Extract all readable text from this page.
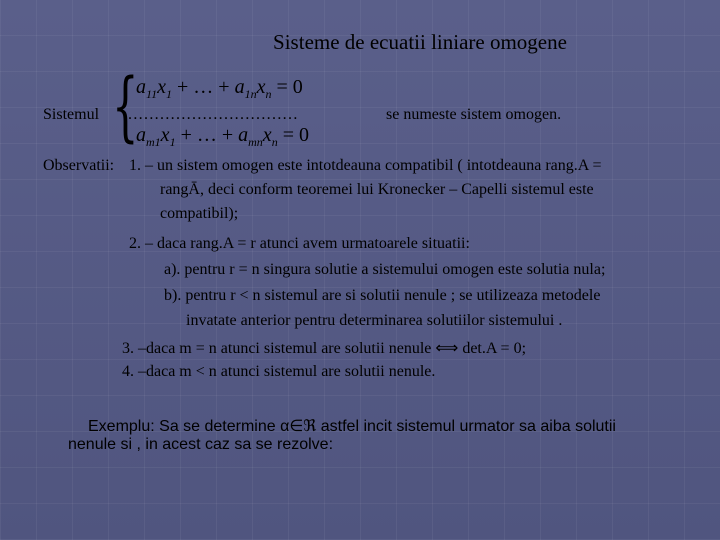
Sisteme de ecuatii liniare omogene
Sistemul {
$a_{11}x_1$ + … + $a_{1n}x_n = 0$
……………………………
$a_{m1}x_1$ + … + $a_{mn}x_n = 0$
se numeste sistem omogen.
Observatii: 1. – un sistem omogen este intotdeauna compatibil ( intotdeauna rang.A =
rangĀ, deci conform teoremei lui Kronecker – Capelli sistemul este
compatibil);
2. – daca rang.A = r atunci avem urmatoarele situatii:
a). pentru r = n singura solutie a sistemului omogen este solutia nula;
b). pentru r < n sistemul are si solutii nenule ; se utilizeaza metodele
invatate anterior pentru determinarea solutiilor sistemului .
3. –daca m = n atunci sistemul are solutii nenule ⟺ det.A = 0;
4. –daca m < n atunci sistemul are solutii nenule.
Exemplu: Sa se determine α∈ℜ astfel incit sistemul urmator sa aiba solutii
nenule si , in acest caz sa se rezolve:
